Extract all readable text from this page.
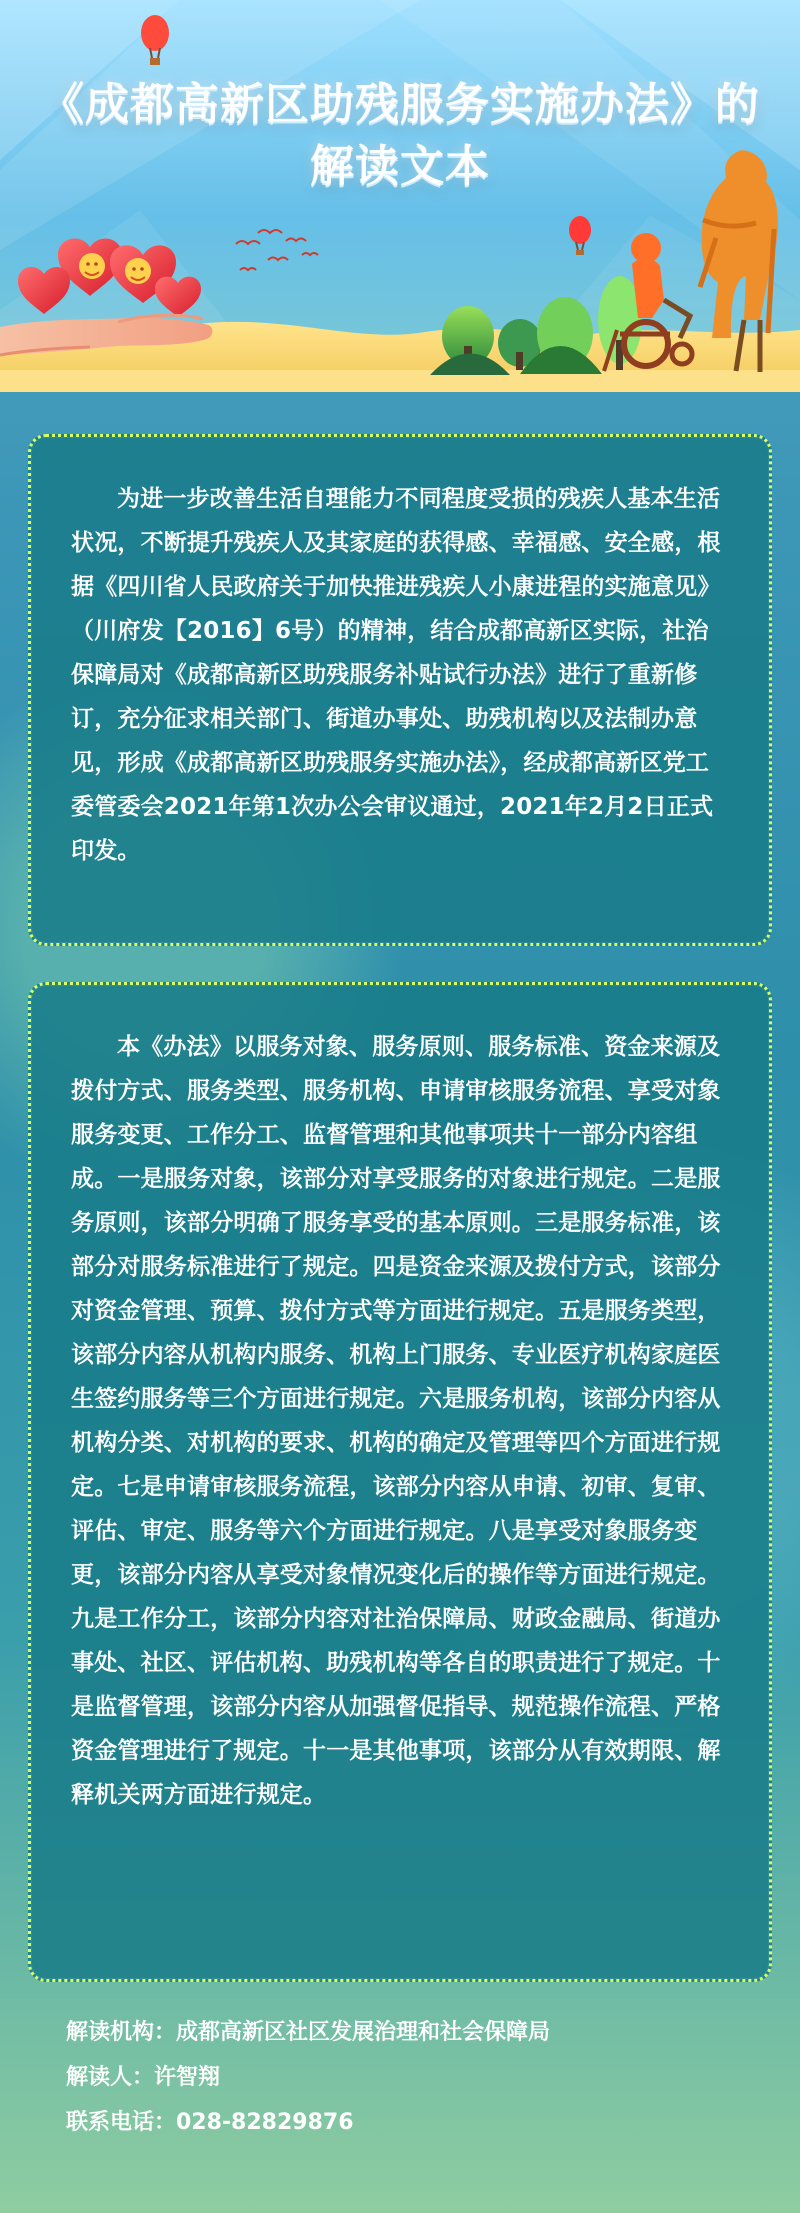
《成都高新区助残服务实施办法》的
解读文本

为进一步改善生活自理能力不同程度受损的残疾人基本生活状况，不断提升残疾人及其家庭的获得感、幸福感、安全感，根据《四川省人民政府关于加快推进残疾人小康进程的实施意见》（川府发【2016】6号）的精神，结合成都高新区实际，社治保障局对《成都高新区助残服务补贴试行办法》进行了重新修订，充分征求相关部门、街道办事处、助残机构以及法制办意见，形成《成都高新区助残服务实施办法》，经成都高新区党工委管委会2021年第1次办公会审议通过，2021年2月2日正式印发。

本《办法》以服务对象、服务原则、服务标准、资金来源及拨付方式、服务类型、服务机构、申请审核服务流程、享受对象服务变更、工作分工、监督管理和其他事项共十一部分内容组成。一是服务对象，该部分对享受服务的对象进行规定。二是服务原则，该部分明确了服务享受的基本原则。三是服务标准，该部分对服务标准进行了规定。四是资金来源及拨付方式，该部分对资金管理、预算、拨付方式等方面进行规定。五是服务类型，该部分内容从机构内服务、机构上门服务、专业医疗机构家庭医生签约服务等三个方面进行规定。六是服务机构，该部分内容从机构分类、对机构的要求、机构的确定及管理等四个方面进行规定。七是申请审核服务流程，该部分内容从申请、初审、复审、评估、审定、服务等六个方面进行规定。八是享受对象服务变更，该部分内容从享受对象情况变化后的操作等方面进行规定。九是工作分工，该部分内容对社治保障局、财政金融局、街道办事处、社区、评估机构、助残机构等各自的职责进行了规定。十是监督管理，该部分内容从加强督促指导、规范操作流程、严格资金管理进行了规定。十一是其他事项，该部分从有效期限、解释机关两方面进行规定。

解读机构：成都高新区社区发展治理和社会保障局
解读人：许智翔
联系电话：028-82829876
